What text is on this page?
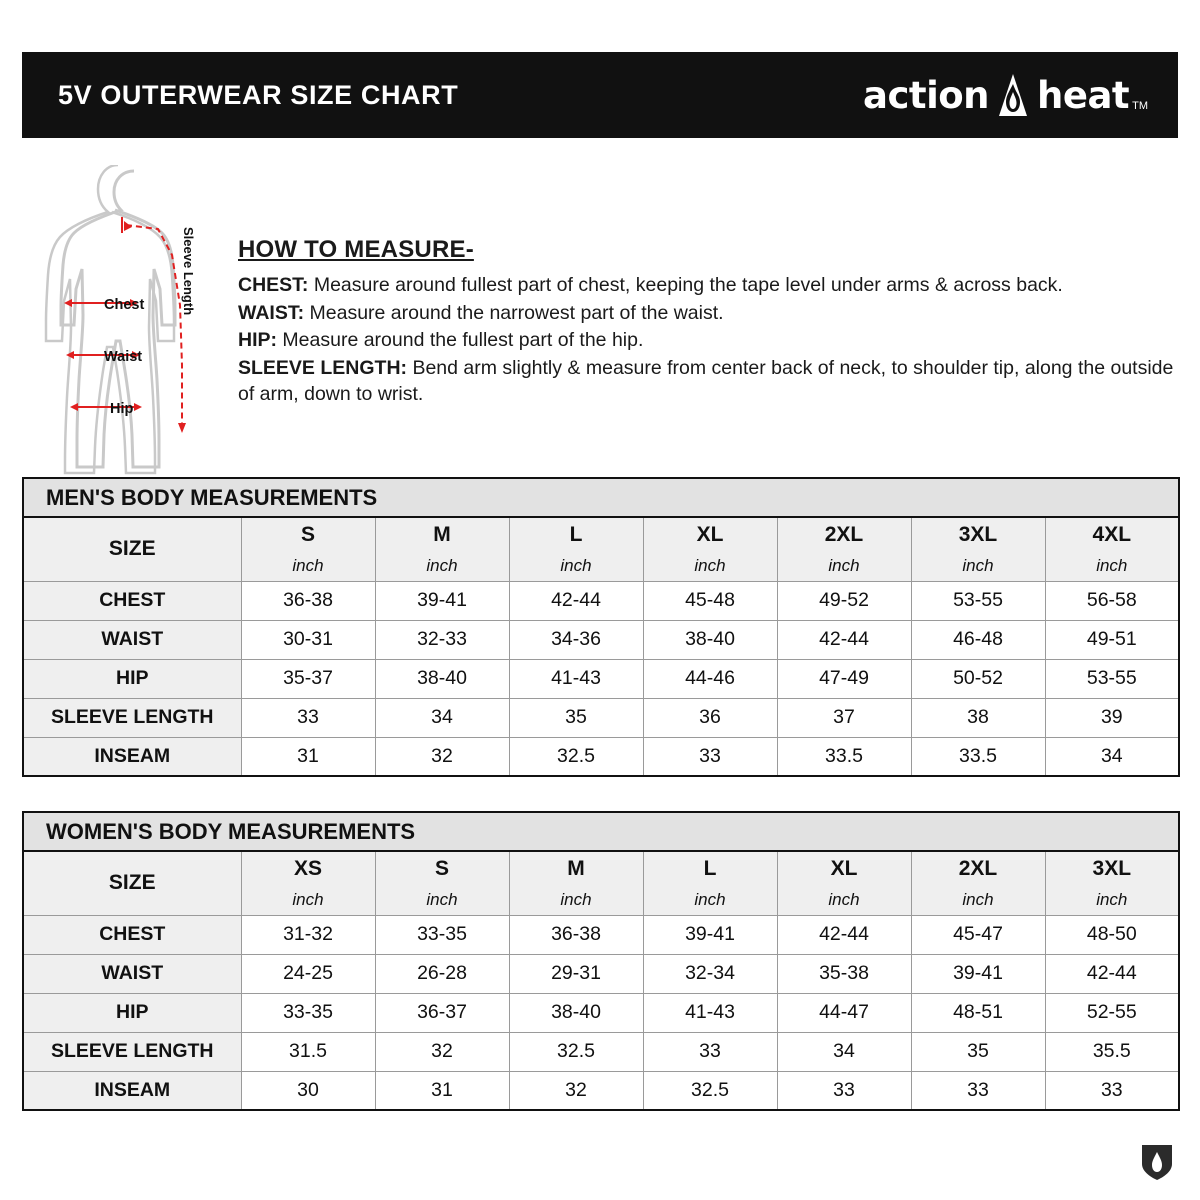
5V OUTERWEAR SIZE CHART	action heat TM
Chest
Waist
Hip
Sleeve Length HOW TO MEASURE-
CHEST: Measure around fullest part of chest, keeping the tape level under arms & across back.
WAIST: Measure around the narrowest part of the waist.
HIP: Measure around the fullest part of the hip.
SLEEVE LENGTH: Bend arm slightly & measure from center back of neck, to shoulder tip, along the outside of arm, down to wrist.
MEN'S BODY MEASUREMENTS							
SIZE	S	M	L	XL	2XL	3XL	4XL
	inch	inch	inch	inch	inch	inch	inch
CHEST	36-38	39-41	42-44	45-48	49-52	53-55	56-58
WAIST	30-31	32-33	34-36	38-40	42-44	46-48	49-51
HIP	35-37	38-40	41-43	44-46	47-49	50-52	53-55
SLEEVE LENGTH	33	34	35	36	37	38	39
INSEAM	31	32	32.5	33	33.5	33.5	34
WOMEN'S BODY MEASUREMENTS							
SIZE	XS	S	M	L	XL	2XL	3XL
	inch	inch	inch	inch	inch	inch	inch
CHEST	31-32	33-35	36-38	39-41	42-44	45-47	48-50
WAIST	24-25	26-28	29-31	32-34	35-38	39-41	42-44
HIP	33-35	36-37	38-40	41-43	44-47	48-51	52-55
SLEEVE LENGTH	31.5	32	32.5	33	34	35	35.5
INSEAM	30	31	32	32.5	33	33	33
